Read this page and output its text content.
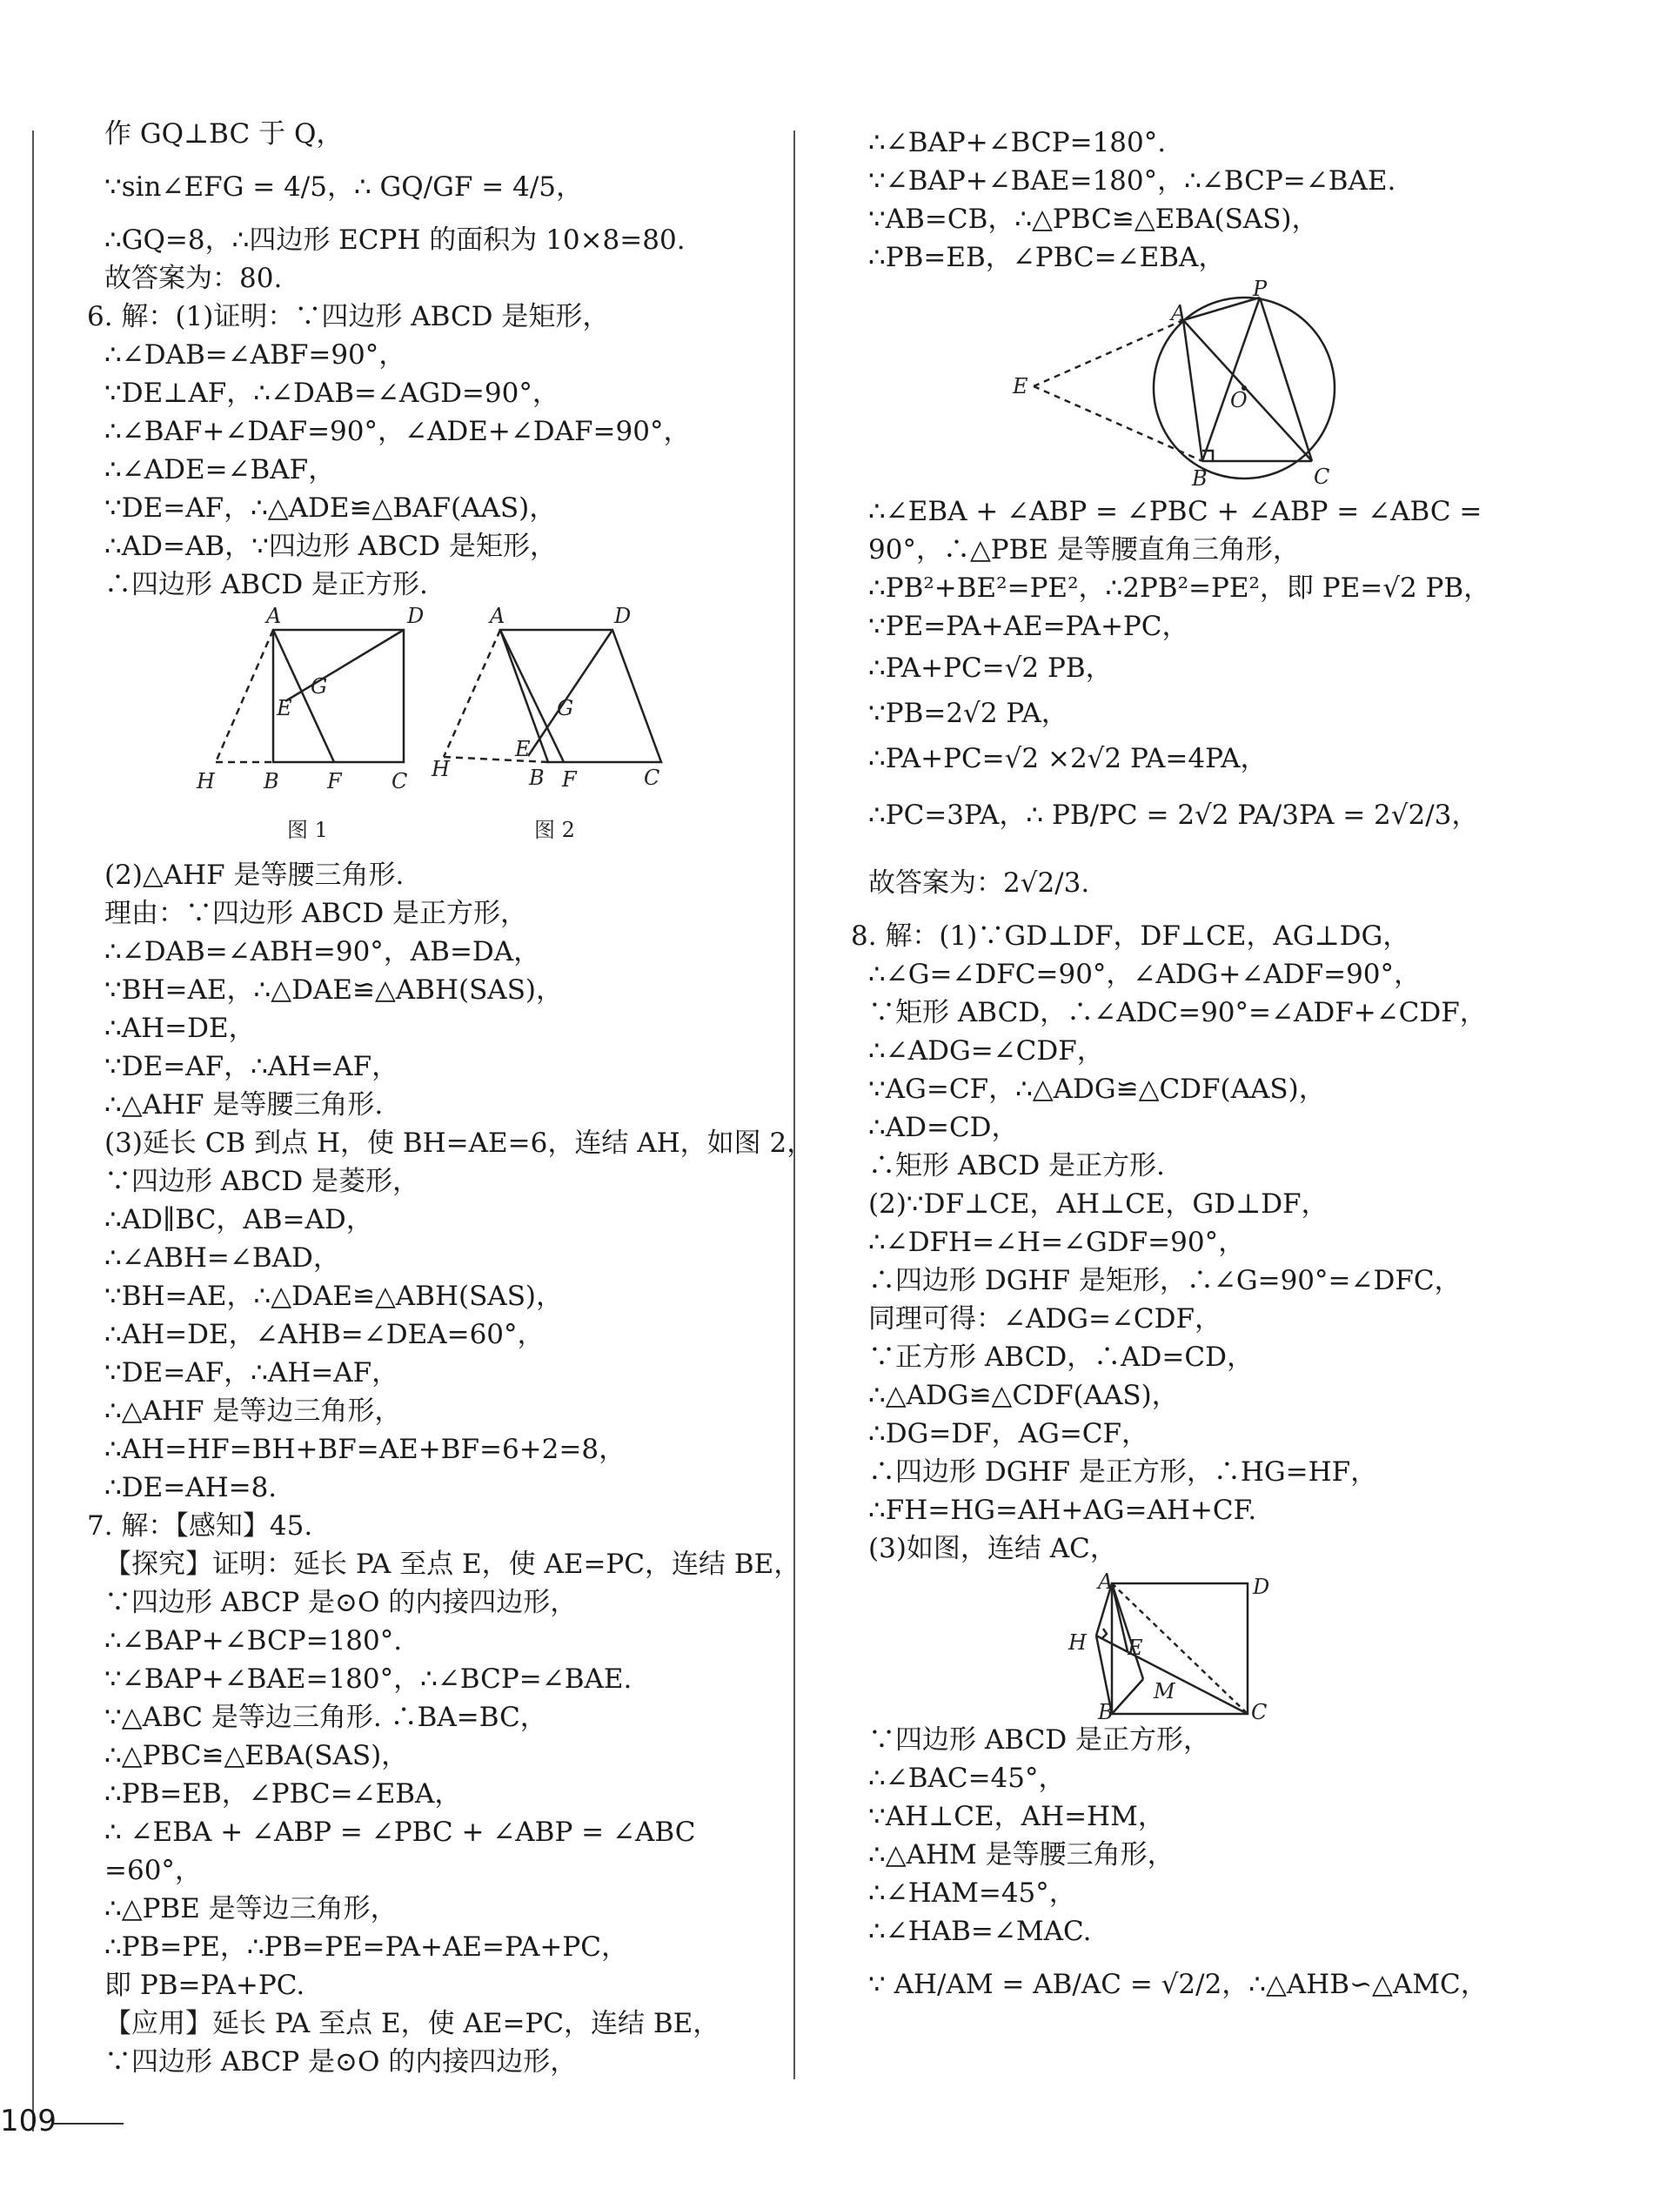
作 GQ⊥BC 于 Q，
∵sin∠EFG = 4/5，∴ GQ/GF = 4/5，
∴GQ=8，∴四边形 ECPH 的面积为 10×8=80.
故答案为：80.
6. 解：(1)证明：∵四边形 ABCD 是矩形，
∴∠DAB=∠ABF=90°，
∵DE⊥AF，∴∠DAB=∠AGD=90°，
∴∠BAF+∠DAF=90°，∠ADE+∠DAF=90°，
∴∠ADE=∠BAF，
∵DE=AF，∴△ADE≌△BAF(AAS)，
∴AD=AB，∵四边形 ABCD 是矩形，
∴四边形 ABCD 是正方形.
A	D
G
E
H B F C
A	D
G
E
H	B F	C
图 1	图 2
(2)△AHF 是等腰三角形.
理由：∵四边形 ABCD 是正方形，
∴∠DAB=∠ABH=90°，AB=DA，
∵BH=AE，∴△DAE≌△ABH(SAS)，
∴AH=DE，
∵DE=AF，∴AH=AF，
∴△AHF 是等腰三角形.
(3)延长 CB 到点 H，使 BH=AE=6，连结 AH，如图 2，
∵四边形 ABCD 是菱形，
∴AD∥BC，AB=AD，
∴∠ABH=∠BAD，
∵BH=AE，∴△DAE≌△ABH(SAS)，
∴AH=DE，∠AHB=∠DEA=60°，
∵DE=AF，∴AH=AF，
∴△AHF 是等边三角形，
∴AH=HF=BH+BF=AE+BF=6+2=8，
∴DE=AH=8.
7. 解：【感知】45.
【探究】证明：延长 PA 至点 E，使 AE=PC，连结 BE，
∵四边形 ABCP 是⊙O 的内接四边形，
∴∠BAP+∠BCP=180°.
∵∠BAP+∠BAE=180°，∴∠BCP=∠BAE.
∵△ABC 是等边三角形. ∴BA=BC，
∴△PBC≌△EBA(SAS)，
∴PB=EB，∠PBC=∠EBA，
∴ ∠EBA + ∠ABP = ∠PBC + ∠ABP = ∠ABC
=60°，
∴△PBE 是等边三角形，
∴PB=PE，∴PB=PE=PA+AE=PA+PC，
即 PB=PA+PC.
【应用】延长 PA 至点 E，使 AE=PC，连结 BE，
∵四边形 ABCP 是⊙O 的内接四边形，
∴∠BAP+∠BCP=180°.
∵∠BAP+∠BAE=180°，∴∠BCP=∠BAE.
∵AB=CB，∴△PBC≌△EBA(SAS)，
∴PB=EB，∠PBC=∠EBA，
P
A
E
O
B	C
∴∠EBA + ∠ABP = ∠PBC + ∠ABP = ∠ABC =
90°，∴△PBE 是等腰直角三角形，
∴PB²+BE²=PE²，∴2PB²=PE²，即 PE=√2 PB，
∵PE=PA+AE=PA+PC，
∴PA+PC=√2 PB，
∵PB=2√2 PA，
∴PA+PC=√2 ×2√2 PA=4PA，
∴PC=3PA，∴ PB/PC = 2√2 PA/3PA = 2√2/3，
故答案为：2√2/3.
8. 解：(1)∵GD⊥DF，DF⊥CE，AG⊥DG，
∴∠G=∠DFC=90°，∠ADG+∠ADF=90°，
∵矩形 ABCD，∴∠ADC=90°=∠ADF+∠CDF，
∴∠ADG=∠CDF，
∵AG=CF，∴△ADG≌△CDF(AAS)，
∴AD=CD，
∴矩形 ABCD 是正方形.
(2)∵DF⊥CE，AH⊥CE，GD⊥DF，
∴∠DFH=∠H=∠GDF=90°，
∴四边形 DGHF 是矩形，∴∠G=90°=∠DFC，
同理可得：∠ADG=∠CDF，
∵正方形 ABCD，∴AD=CD，
∴△ADG≌△CDF(AAS)，
∴DG=DF，AG=CF，
∴四边形 DGHF 是正方形，∴HG=HF，
∴FH=HG=AH+AG=AH+CF.
(3)如图，连结 AC，
A	D
H E
M
B	C
∵四边形 ABCD 是正方形，
∴∠BAC=45°，
∵AH⊥CE，AH=HM，
∴△AHM 是等腰三角形，
∴∠HAM=45°，
∴∠HAB=∠MAC.
∵ AH/AM = AB/AC = √2/2，∴△AHB∽△AMC，
109
